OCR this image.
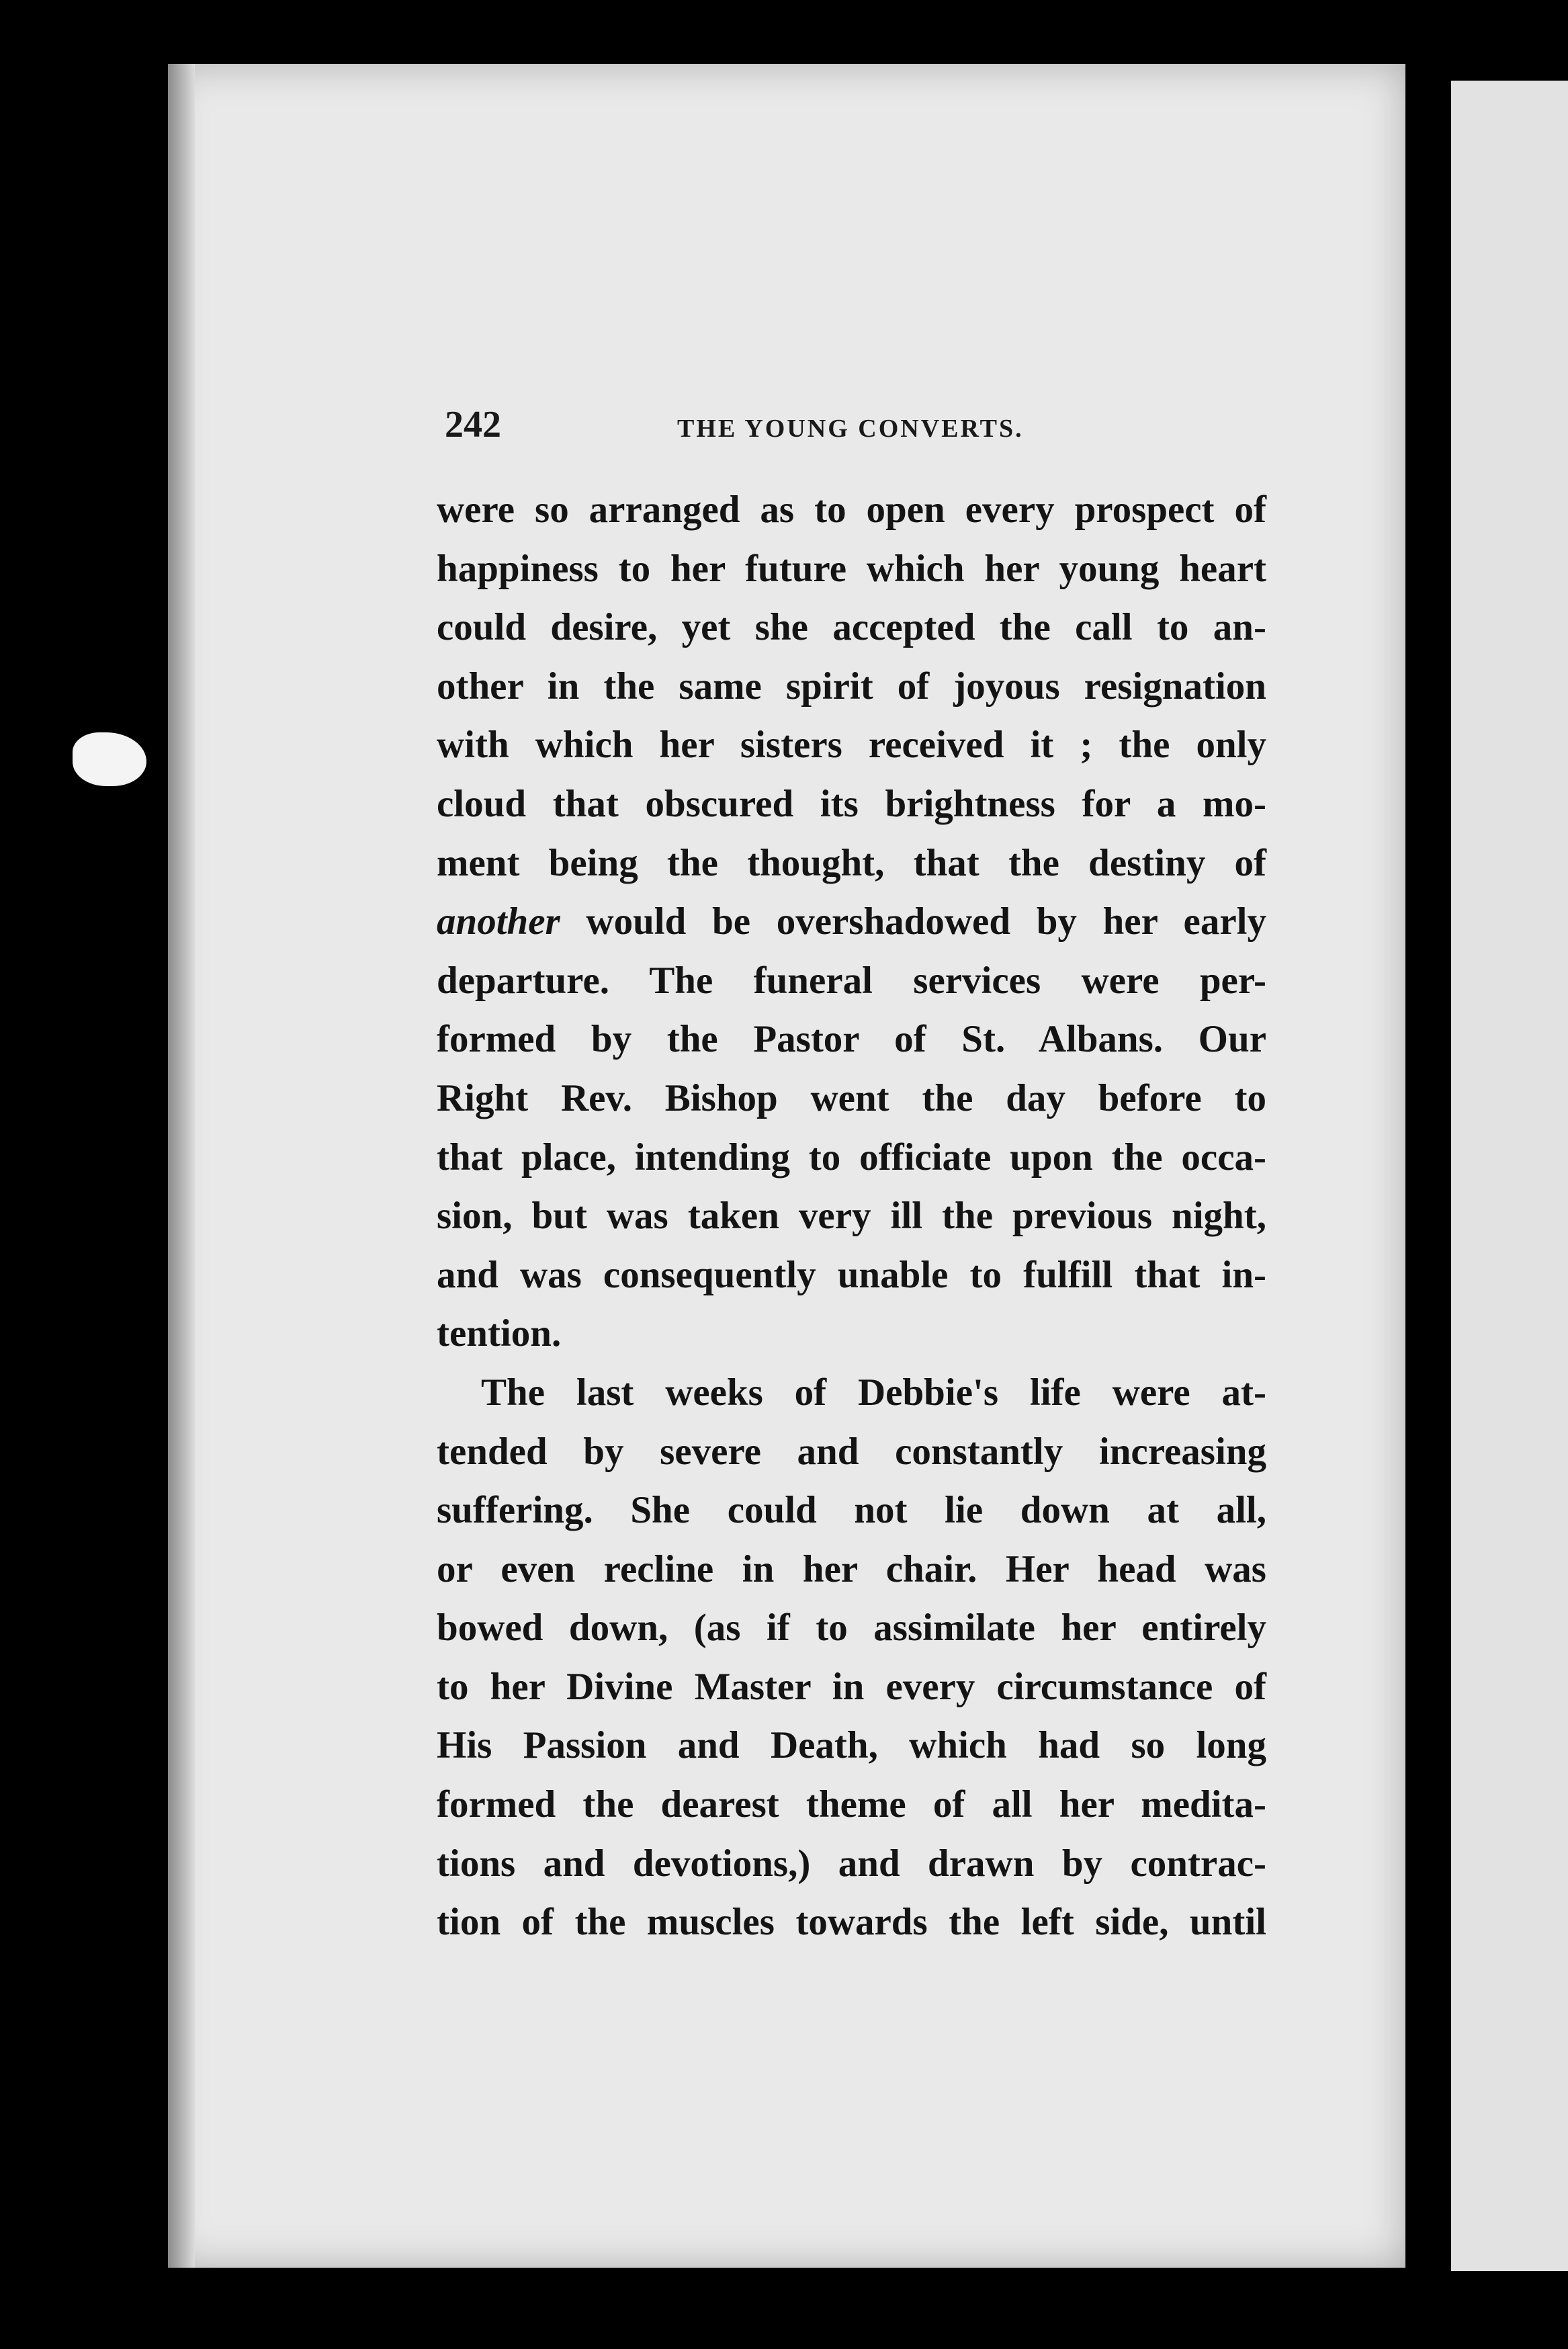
242	THE YOUNG CONVERTS.
were so arranged as to open every prospect of
happiness to her future which her young heart
could desire, yet she accepted the call to an-
other in the same spirit of joyous resignation
with which her sisters received it ; the only
cloud that obscured its brightness for a mo-
ment being the thought, that the destiny of
another would be overshadowed by her early
departure. The funeral services were per-
formed by the Pastor of St. Albans. Our
Right Rev. Bishop went the day before to
that place, intending to officiate upon the occa-
sion, but was taken very ill the previous night,
and was consequently unable to fulfill that in-
tention.
The last weeks of Debbie's life were at-
tended by severe and constantly increasing
suffering. She could not lie down at all,
or even recline in her chair. Her head was
bowed down, (as if to assimilate her entirely
to her Divine Master in every circumstance of
His Passion and Death, which had so long
formed the dearest theme of all her medita-
tions and devotions,) and drawn by contrac-
tion of the muscles towards the left side, until
